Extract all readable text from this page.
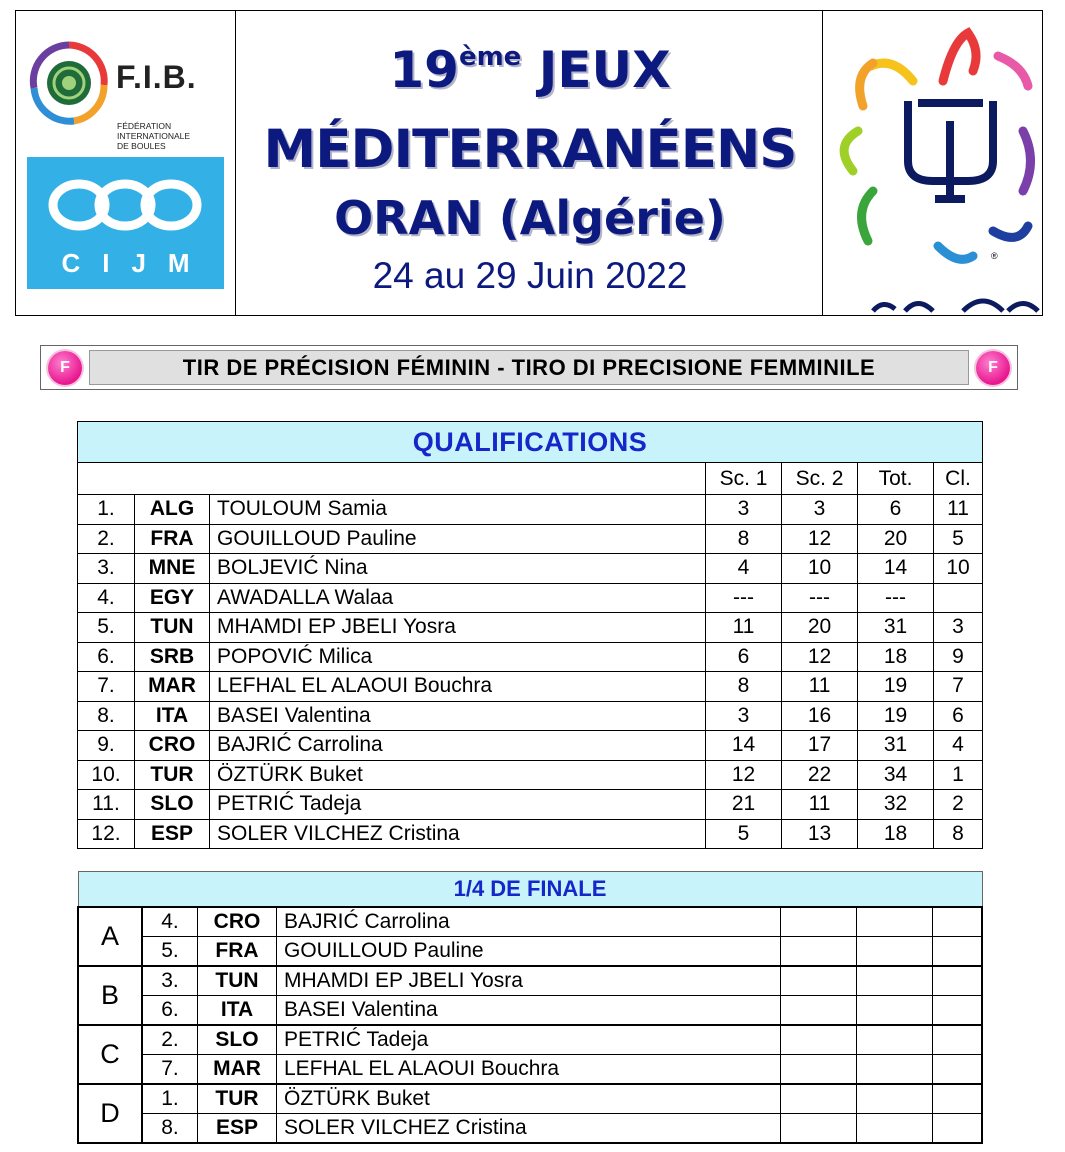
F.I.B.
FÉDÉRATION INTERNATIONALE
DE BOULES
CIJM
19ème JEUX
MÉDITERRANÉENS
ORAN (Algérie)
24 au 29 Juin 2022	®
F	TIR DE PRÉCISION FÉMININ - TIRO DI PRECISIONE FEMMINILE	F
QUALIFICATIONS						
			Sc. 1	Sc. 2	Tot.	Cl.
1.	ALG	TOULOUM Samia	3	3	6	11
2.	FRA	GOUILLOUD Pauline	8	12	20	5
3.	MNE	BOLJEVIĆ Nina	4	10	14	10
4.	EGY	AWADALLA Walaa	---	---	---	
5.	TUN	MHAMDI EP JBELI Yosra	11	20	31	3
6.	SRB	POPOVIĆ Milica	6	12	18	9
7.	MAR	LEFHAL EL ALAOUI Bouchra	8	11	19	7
8.	ITA	BASEI Valentina	3	16	19	6
9.	CRO	BAJRIĆ Carrolina	14	17	31	4
10.	TUR	ÖZTÜRK Buket	12	22	34	1
11.	SLO	PETRIĆ Tadeja	21	11	32	2
12.	ESP	SOLER VILCHEZ Cristina	5	13	18	8
1/4 DE FINALE						
A	4.	CRO	BAJRIĆ Carrolina			
	5.	FRA	GOUILLOUD Pauline			
B	3.	TUN	MHAMDI EP JBELI Yosra			
	6.	ITA	BASEI Valentina			
C	2.	SLO	PETRIĆ Tadeja			
	7.	MAR	LEFHAL EL ALAOUI Bouchra			
D	1.	TUR	ÖZTÜRK Buket			
	8.	ESP	SOLER VILCHEZ Cristina			
